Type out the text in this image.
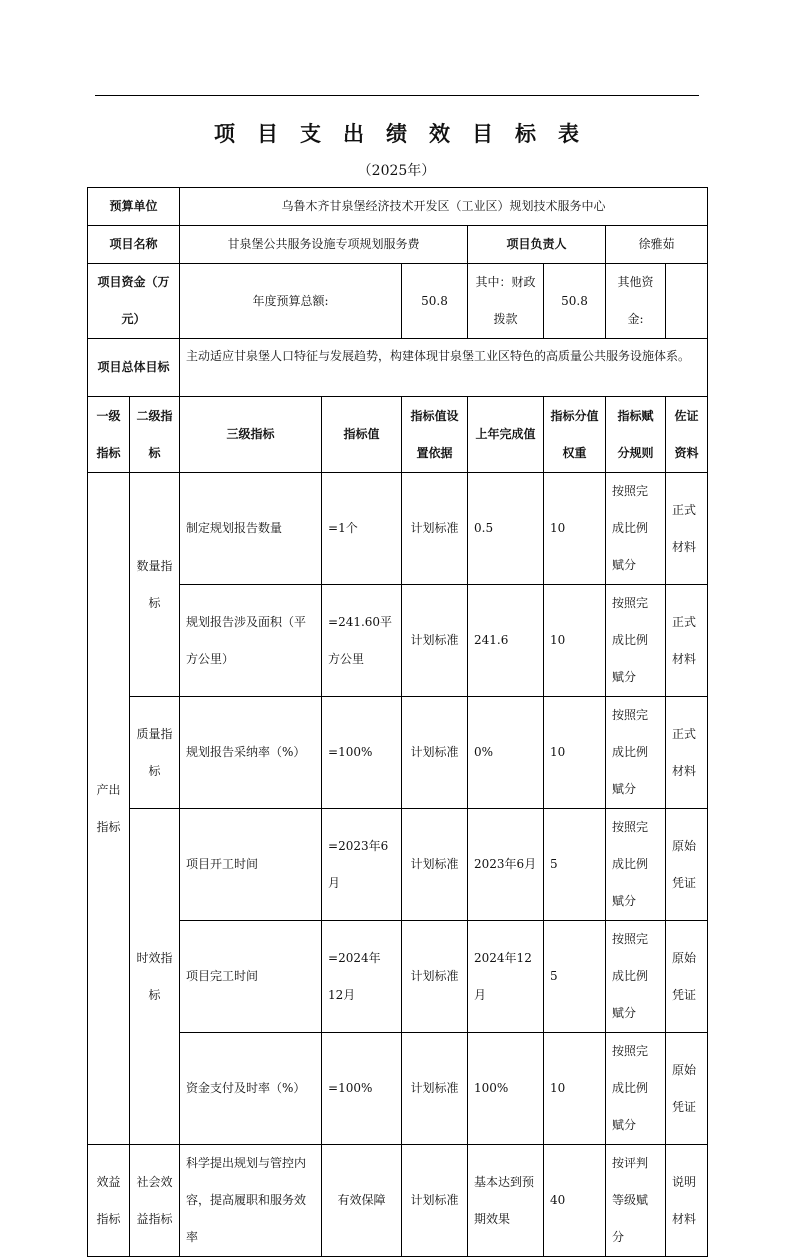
项目支出绩效目标表
（2025年）
预算单位		乌鲁木齐甘泉堡经济技术开发区（工业区）规划技术服务中心						
项目名称		甘泉堡公共服务设施专项规划服务费			项目负责人		徐雅茹	
项目资金（万元）		年度预算总额:		50.8	其中：财政拨款	50.8	其他资金:	
项目总体目标		主动适应甘泉堡人口特征与发展趋势，构建体现甘泉堡工业区特色的高质量公共服务设施体系。						
一级指标	二级指标	三级指标	指标值	指标值设置依据	上年完成值	指标分值权重	指标赋分规则	佐证资料
产出指标	数量指标	制定规划报告数量	=1个	计划标准	0.5	10	按照完成比例赋分	正式材料
		规划报告涉及面积（平方公里）	=241.60平方公里	计划标准	241.6	10	按照完成比例赋分	正式材料
	质量指标	规划报告采纳率（%）	=100%	计划标准	0%	10	按照完成比例赋分	正式材料
	时效指标	项目开工时间	=2023年6月	计划标准	2023年6月	5	按照完成比例赋分	原始凭证
		项目完工时间	=2024年12月	计划标准	2024年12月	5	按照完成比例赋分	原始凭证
		资金支付及时率（%）	=100%	计划标准	100%	10	按照完成比例赋分	原始凭证
效益指标	社会效益指标	科学提出规划与管控内容，提高履职和服务效率	有效保障	计划标准	基本达到预期效果	40	按评判等级赋分	说明材料
